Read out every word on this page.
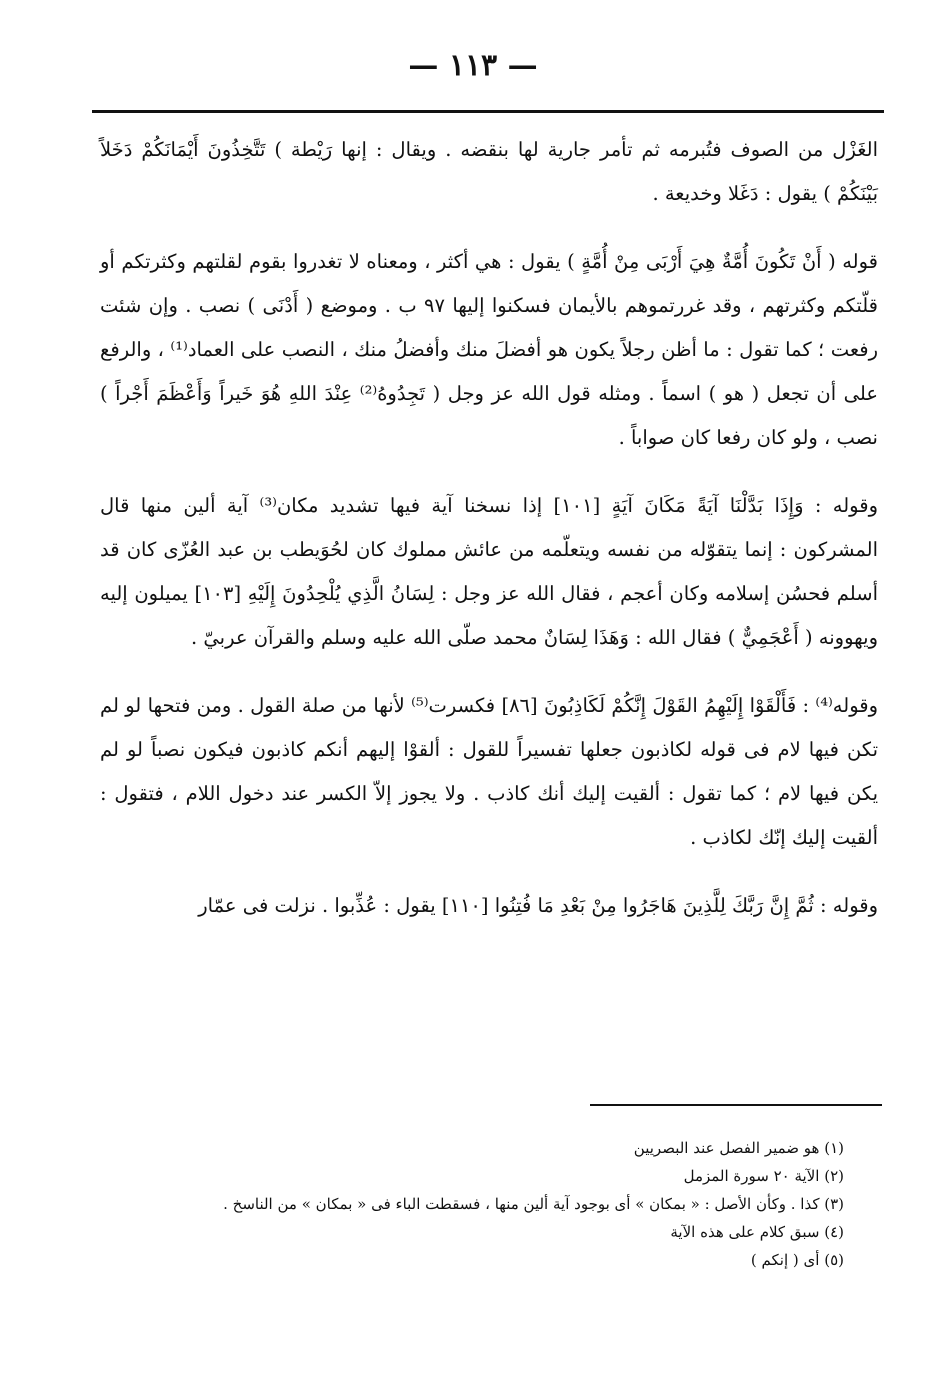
— ١١٣ —

الغَزْل من الصوف فتُبرمه ثم تأمر جارية لها بنقضه . ويقال : إنها رَيْطة ) تَتَّخِذُونَ أَيْمَانَكُمْ دَخَلاً بَيْنَكُمْ ) يقول : دَغَلا وخديعة .

قوله ( أَنْ تَكُونَ أُمَّةٌ هِيَ أَرْبَى مِنْ أُمَّةٍ ) يقول : هي أكثر ، ومعناه لا تغدروا بقوم لقلتهم وكثرتكم أو قلّتكم وكثرتهم ، وقد غررتموهم بالأيمان فسكنوا إليها ٩٧ ب . وموضع ( أَدْنَى ) نصب . وإن شئت رفعت ؛ كما تقول : ما أظن رجلاً يكون هو أفضلَ منك وأفضلُ منك ، النصب على العماد⁽¹⁾ ، والرفع على أن تجعل ( هو ) اسماً . ومثله قول الله عز وجل ( تَجِدُوهُ⁽²⁾ عِنْدَ اللهِ هُوَ خَيراً وَأَعْظَمَ أَجْراً ) نصب ، ولو كان رفعا كان صواباً .

وقوله : وَإِذَا بَدَّلْنَا آيَةً مَكَانَ آيَةٍ [١٠١] إذا نسخنا آية فيها تشديد مكان⁽³⁾ آية ألين منها قال المشركون : إنما يتقوّله من نفسه ويتعلّمه من عائش مملوك كان لحُوَيطب بن عبد العُزّى كان قد أسلم فحسُن إسلامه وكان أعجم ، فقال الله عز وجل : لِسَانُ الَّذِي يُلْحِدُونَ إِلَيْهِ [١٠٣] يميلون إليه ويهوونه ( أَعْجَمِيٌّ ) فقال الله : وَهَذَا لِسَانٌ محمد صلّى الله عليه وسلم والقرآن عربيّ .

وقوله⁽⁴⁾ : فَأَلْقَوْا إِلَيْهِمُ القَوْلَ إِنَّكُمْ لَكَاذِبُونَ [٨٦] فكسرت⁽⁵⁾ لأنها من صلة القول . ومن فتحها لو لم تكن فيها لام فى قوله لكاذبون جعلها تفسيراً للقول : ألقوْا إليهم أنكم كاذبون فيكون نصباً لو لم يكن فيها لام ؛ كما تقول : ألقيت إليك أنك كاذب . ولا يجوز إلاّ الكسر عند دخول اللام ، فتقول : ألقيت إليك إنّك لكاذب .

وقوله : ثُمَّ إِنَّ رَبَّكَ لِلَّذِينَ هَاجَرُوا مِنْ بَعْدِ مَا فُتِنُوا [١١٠] يقول : عُذِّبوا . نزلت فى عمّار

(١) هو ضمير الفصل عند البصريين
(٢) الآية ٢٠ سورة المزمل
(٣) كذا . وكأن الأصل : « بمكان » أى بوجود آية ألين منها ، فسقطت الباء فى « بمكان » من الناسخ .
(٤) سبق كلام على هذه الآية
(٥) أى ( إنكم )
